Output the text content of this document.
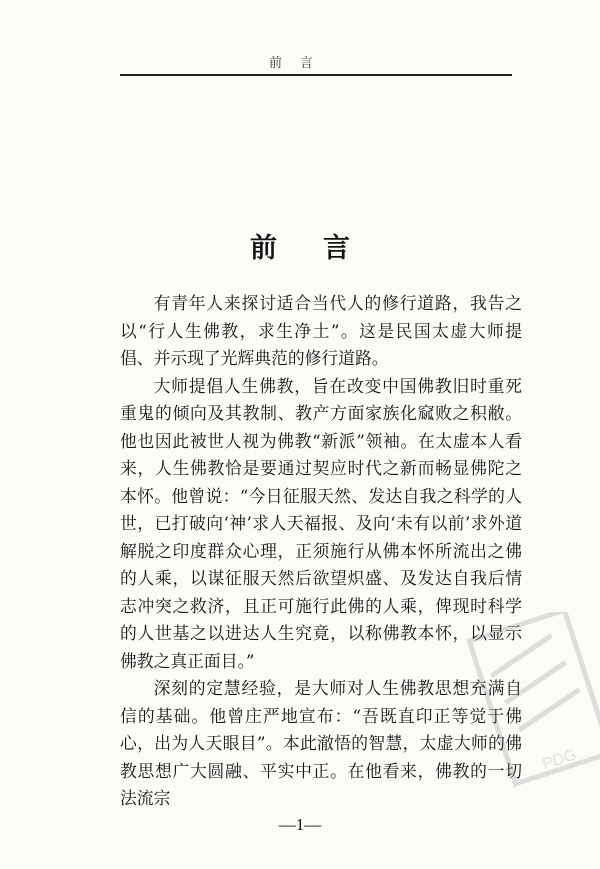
前言
前言

有青年人来探讨适合当代人的修行道路，我告之以“行人生佛教，求生净土”。这是民国太虚大师提倡、并示现了光辉典范的修行道路。

大师提倡人生佛教，旨在改变中国佛教旧时重死重鬼的倾向及其教制、教产方面家族化窳败之积敝。他也因此被世人视为佛教“新派”领袖。在太虚本人看来，人生佛教恰是要通过契应时代之新而畅显佛陀之本怀。他曾说：“今日征服天然、发达自我之科学的人世，已打破向‘神’求人天福报、及向‘未有以前’求外道解脱之印度群众心理，正须施行从佛本怀所流出之佛的人乘，以谋征服天然后欲望炽盛、及发达自我后情志冲突之救济，且正可施行此佛的人乘，俾现时科学的人世基之以进达人生究竟，以称佛教本怀，以显示佛教之真正面目。”

深刻的定慧经验，是大师对人生佛教思想充满自信的基础。他曾庄严地宣布：“吾既直印正等觉于佛心，出为人天眼目”。本此澈悟的智慧，太虚大师的佛教思想广大圆融、平实中正。在他看来，佛教的一切法流宗

—1—
PDG
